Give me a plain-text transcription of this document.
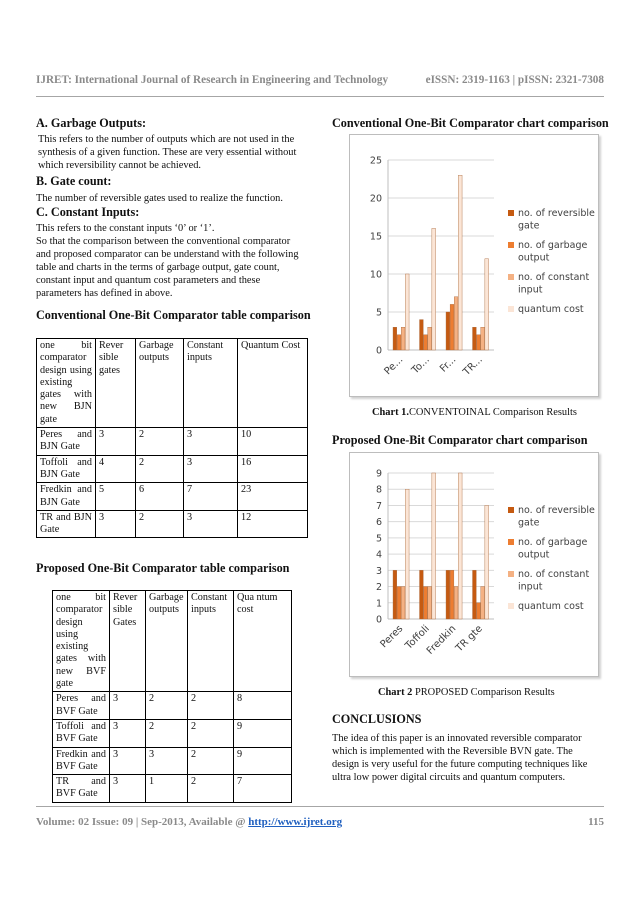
IJRET: International Journal of Research in Engineering and Technology	eISSN: 2319-1163 | pISSN: 2321-7308
A. Garbage Outputs:
This refers to the number of outputs which are not used in the
synthesis of a given function. These are very essential without
which reversibility cannot be achieved.
B. Gate count:
The number of reversible gates used to realize the function.
C. Constant Inputs:
This refers to the constant inputs ‘0’ or ‘1’.
So that the comparison between the conventional comparator
and proposed comparator can be understand with the following
table and charts in the terms of garbage output, gate count,
constant input and quantum cost parameters and these
parameters has defined in above.
Conventional One-Bit Comparator table comparison
one bit comparator design using existing gates with new BJN gate	Rever sible gates	Garbage outputs	Constant inputs	Quantum Cost
Peres and BJN Gate	3	2	3	10
Toffoli and BJN Gate	4	2	3	16
Fredkin and BJN Gate	5	6	7	23
TR and BJN Gate	3	2	3	12
Proposed One-Bit Comparator table comparison
one bit comparator design using existing gates with new BVF gate	Rever sible Gates	Garbage outputs	Constant inputs	Qua ntum cost
Peres and BVF Gate	3	2	2	8
Toffoli and BVF Gate	3	2	2	9
Fredkin and BVF Gate	3	3	2	9
TR and BVF Gate	3	1	2	7
Conventional One-Bit Comparator chart comparison
0
5
10
15
20
25
Pe... To... Fr... TR...
no. of reversible gate
no. of garbage output
no. of constant input
quantum cost
Chart 1.CONVENTOINAL Comparison Results
Proposed One-Bit Comparator chart comparison
0
1
2
3
4
5
6
7
8
9
Peres
Toffoli
Fredkin
TR gte
no. of reversible gate
no. of garbage output
no. of constant input
quantum cost
Chart 2 PROPOSED Comparison Results
CONCLUSIONS
The idea of this paper is an innovated reversible comparator
which is implemented with the Reversible BVN gate. The
design is very useful for the future computing techniques like
ultra low power digital circuits and quantum computers.
Volume: 02 Issue: 09 | Sep-2013, Available @ http://www.ijret.org	115
